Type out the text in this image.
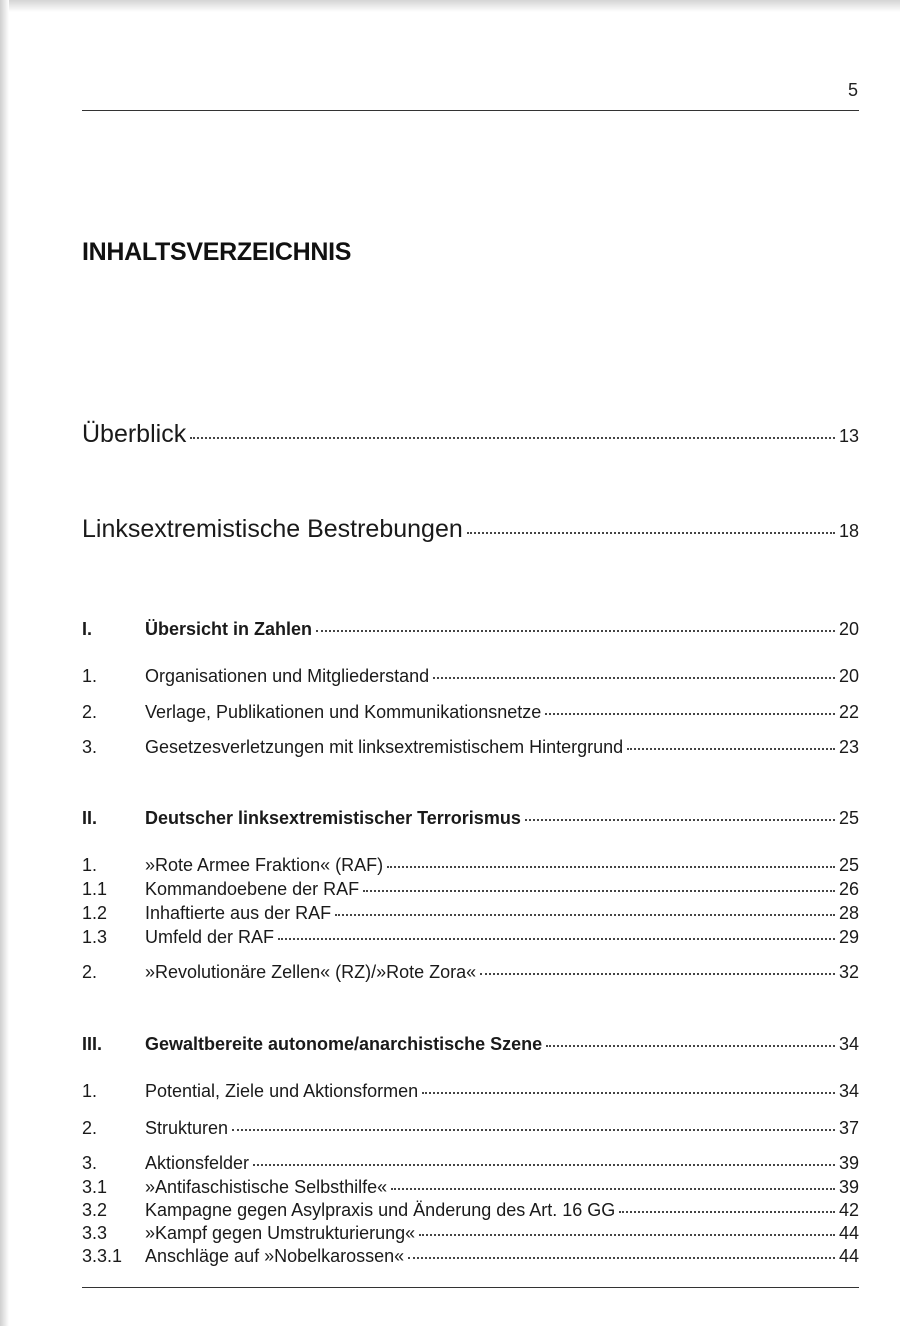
5
INHALTSVERZEICHNIS
Überblick	13
Linksextremistische Bestrebungen	18
I.	Übersicht in Zahlen	20
1.	Organisationen und Mitgliederstand	20
2.	Verlage, Publikationen und Kommunikationsnetze	22
3.	Gesetzesverletzungen mit linksextremistischem Hintergrund	23
II.	Deutscher linksextremistischer Terrorismus	25
1.	»Rote Armee Fraktion« (RAF)	25
1.1	Kommandoebene der RAF	26
1.2	Inhaftierte aus der RAF	28
1.3	Umfeld der RAF	29
2.	»Revolutionäre Zellen« (RZ)/»Rote Zora«	32
III.	Gewaltbereite autonome/anarchistische Szene	34
1.	Potential, Ziele und Aktionsformen	34
2.	Strukturen	37
3.	Aktionsfelder	39
3.1	»Antifaschistische Selbsthilfe«	39
3.2	Kampagne gegen Asylpraxis und Änderung des Art. 16 GG	42
3.3	»Kampf gegen Umstrukturierung«	44
3.3.1	Anschläge auf »Nobelkarossen«	44
